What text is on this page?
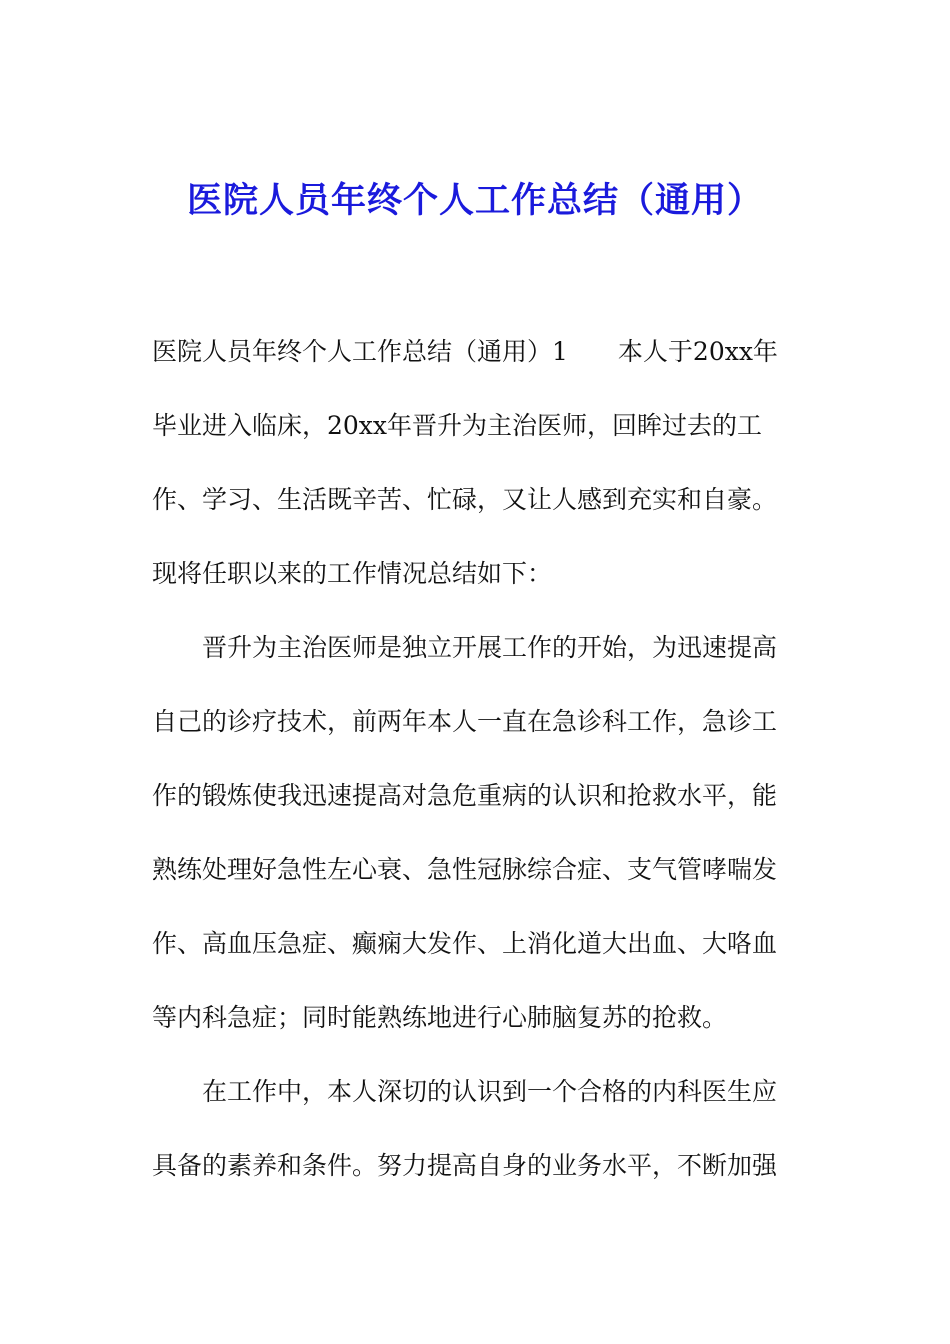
医院人员年终个人工作总结（通用）
医院人员年终个人工作总结（通用）1　　本人于20xx年
毕业进入临床，20xx年晋升为主治医师，回眸过去的工
作、学习、生活既辛苦、忙碌，又让人感到充实和自豪。
现将任职以来的工作情况总结如下：
　　晋升为主治医师是独立开展工作的开始，为迅速提高
自己的诊疗技术，前两年本人一直在急诊科工作，急诊工
作的锻炼使我迅速提高对急危重病的认识和抢救水平，能
熟练处理好急性左心衰、急性冠脉综合症、支气管哮喘发
作、高血压急症、癫痫大发作、上消化道大出血、大咯血
等内科急症；同时能熟练地进行心肺脑复苏的抢救。
　　在工作中，本人深切的认识到一个合格的内科医生应
具备的素养和条件。努力提高自身的业务水平，不断加强
